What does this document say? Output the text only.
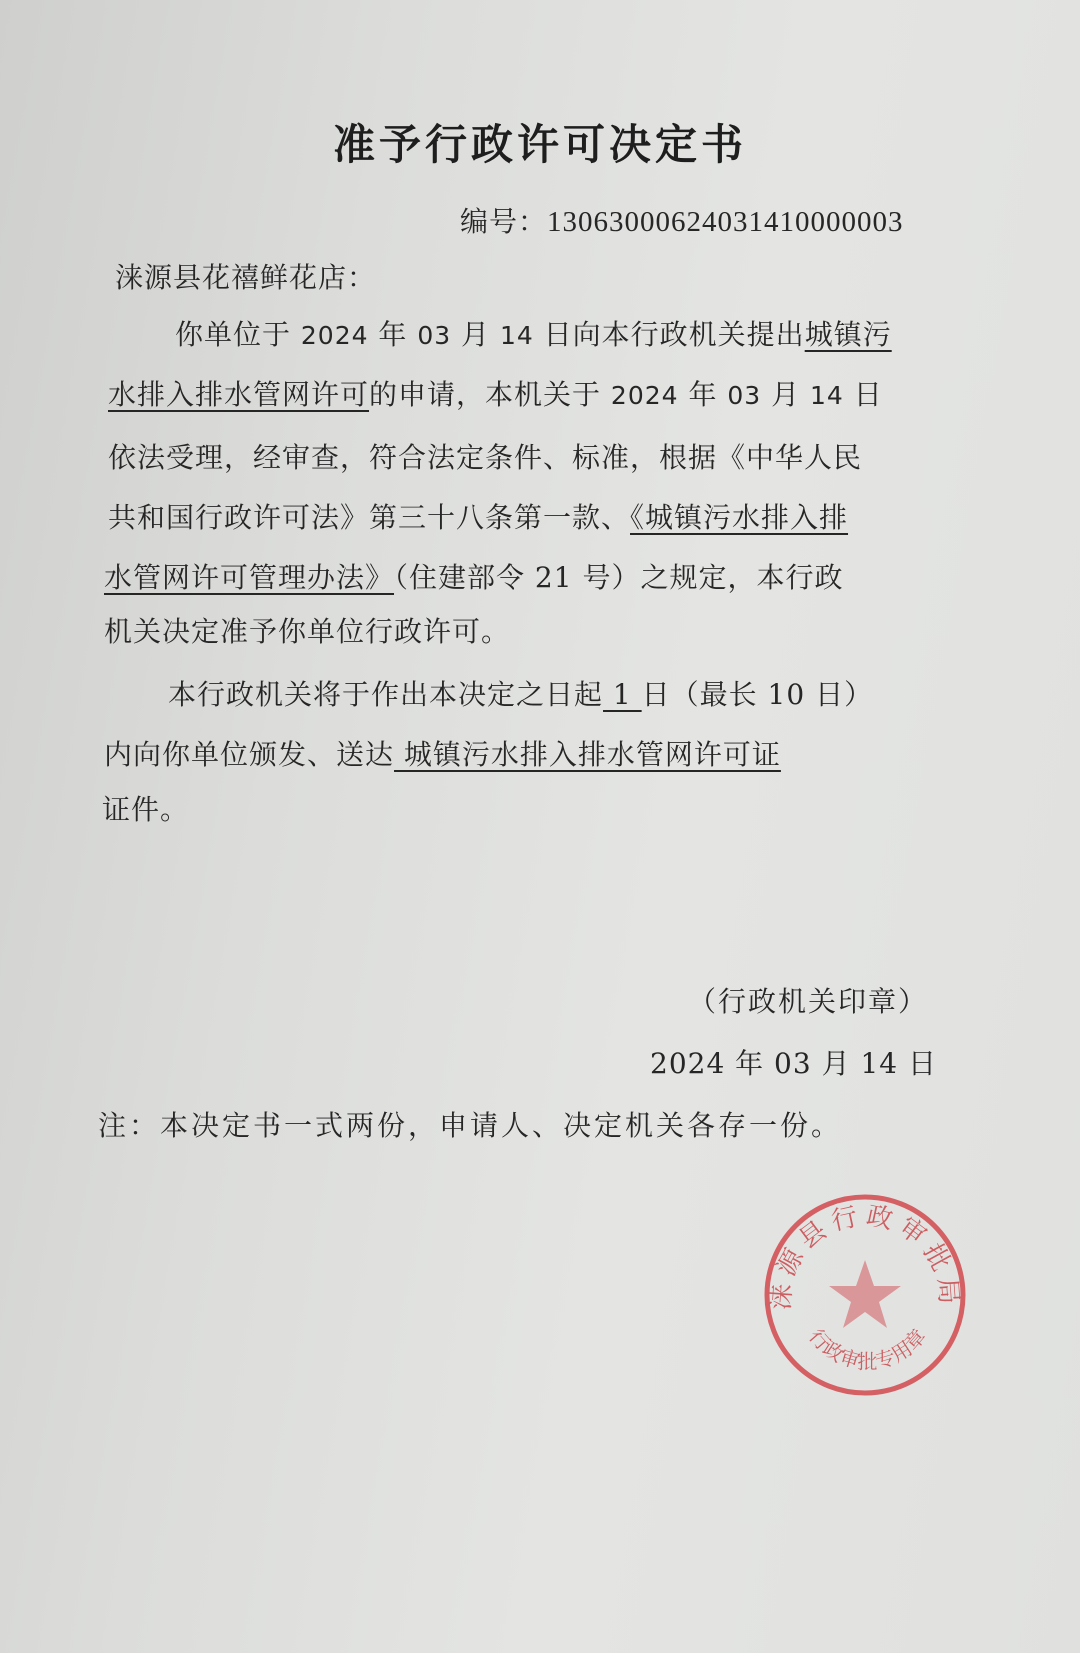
准予行政许可决定书
编号：13063000624031410000003
涞源县花禧鲜花店：
你单位于 2024 年 03 月 14 日向本行政机关提出城镇污
水排入排水管网许可的申请，本机关于 2024 年 03 月 14 日
依法受理，经审查，符合法定条件、标准，根据《中华人民
共和国行政许可法》第三十八条第一款、《城镇污水排入排
水管网许可管理办法》（住建部令 21 号）之规定，本行政
机关决定准予你单位行政许可。
本行政机关将于作出本决定之日起 1 日（最长 10 日）
内向你单位颁发、送达 城镇污水排入排水管网许可证
证件。
（行政机关印章）
2024 年 03 月 14 日
注：本决定书一式两份，申请人、决定机关各存一份。
涞源县行政审批局
行政审批专用章
